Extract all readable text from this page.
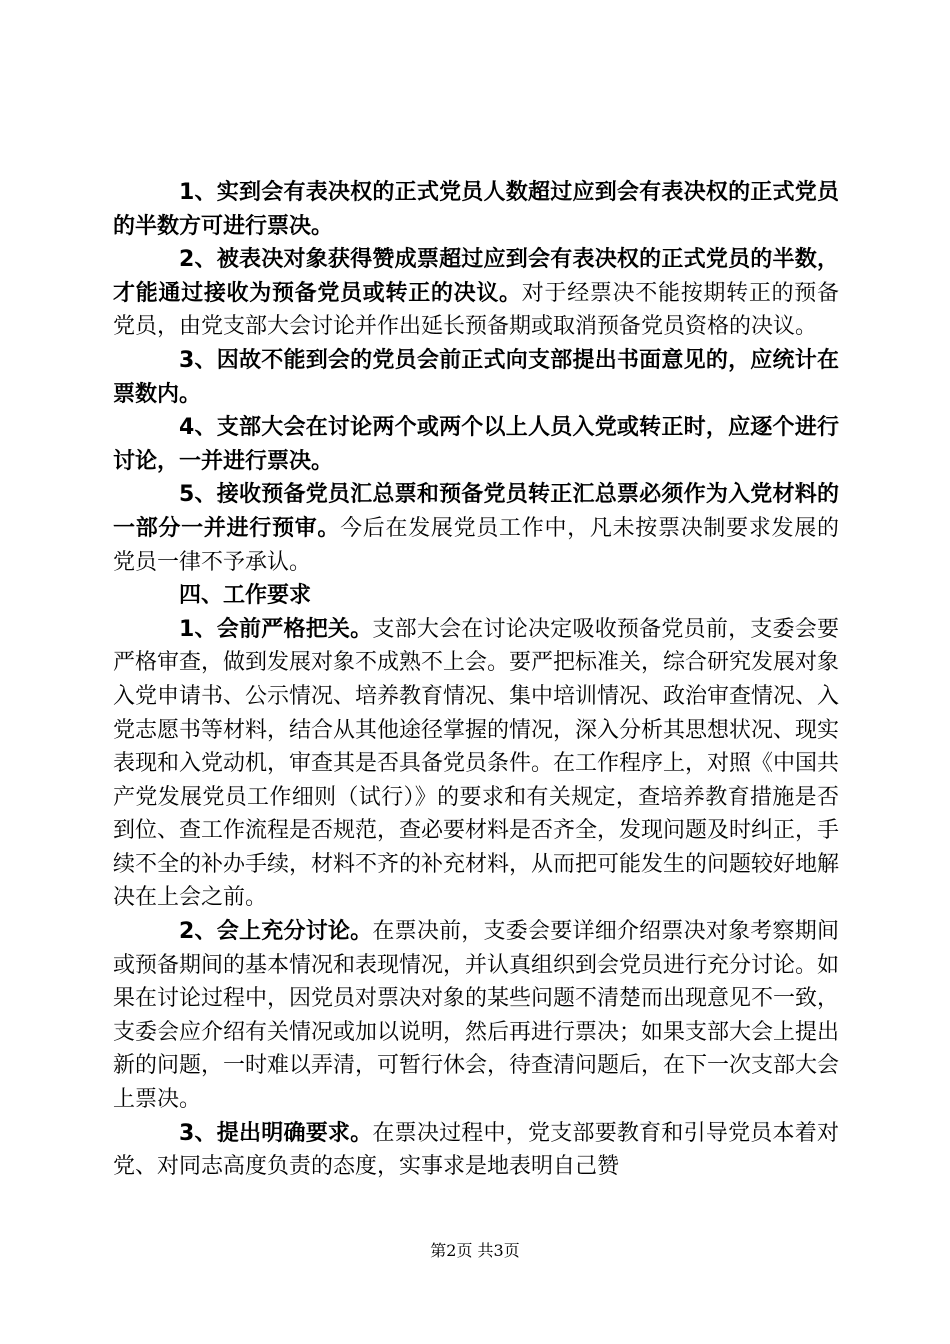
1、实到会有表决权的正式党员人数超过应到会有表决权的正式党员的半数方可进行票决。

2、被表决对象获得赞成票超过应到会有表决权的正式党员的半数，才能通过接收为预备党员或转正的决议。对于经票决不能按期转正的预备党员，由党支部大会讨论并作出延长预备期或取消预备党员资格的决议。

3、因故不能到会的党员会前正式向支部提出书面意见的，应统计在票数内。

4、支部大会在讨论两个或两个以上人员入党或转正时，应逐个进行讨论，一并进行票决。

5、接收预备党员汇总票和预备党员转正汇总票必须作为入党材料的一部分一并进行预审。今后在发展党员工作中，凡未按票决制要求发展的党员一律不予承认。

四、工作要求

1、会前严格把关。支部大会在讨论决定吸收预备党员前，支委会要严格审查，做到发展对象不成熟不上会。要严把标准关，综合研究发展对象入党申请书、公示情况、培养教育情况、集中培训情况、政治审查情况、入党志愿书等材料，结合从其他途径掌握的情况，深入分析其思想状况、现实表现和入党动机，审查其是否具备党员条件。在工作程序上，对照《中国共产党发展党员工作细则（试行）》的要求和有关规定，查培养教育措施是否到位、查工作流程是否规范，查必要材料是否齐全，发现问题及时纠正，手续不全的补办手续，材料不齐的补充材料，从而把可能发生的问题较好地解决在上会之前。

2、会上充分讨论。在票决前，支委会要详细介绍票决对象考察期间或预备期间的基本情况和表现情况，并认真组织到会党员进行充分讨论。如果在讨论过程中，因党员对票决对象的某些问题不清楚而出现意见不一致，支委会应介绍有关情况或加以说明，然后再进行票决；如果支部大会上提出新的问题，一时难以弄清，可暂行休会，待查清问题后，在下一次支部大会上票决。

3、提出明确要求。在票决过程中，党支部要教育和引导党员本着对党、对同志高度负责的态度，实事求是地表明自己赞

第2页 共3页
